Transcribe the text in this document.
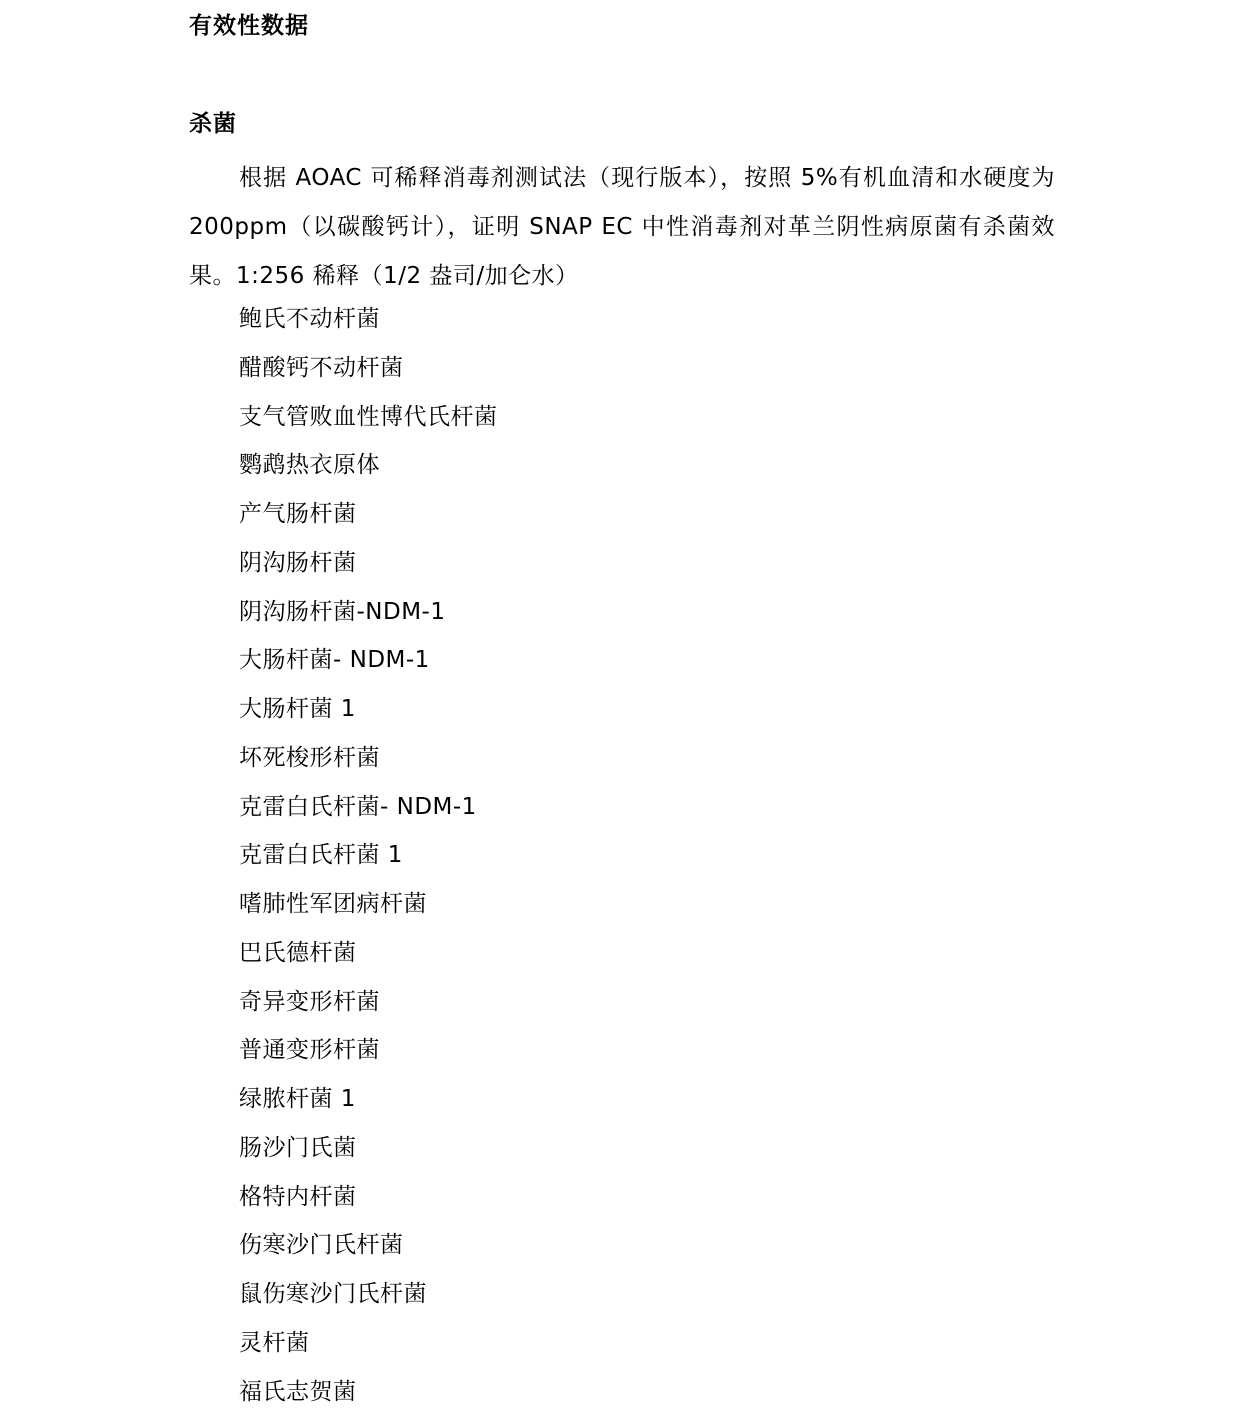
有效性数据
杀菌

根据 AOAC 可稀释消毒剂测试法（现行版本），按照 5%有机血清和水硬度为 200ppm（以碳酸钙计），证明 SNAP EC 中性消毒剂对革兰阴性病原菌有杀菌效果。1:256 稀释（1/2 盎司/加仑水）

鲍氏不动杆菌
醋酸钙不动杆菌
支气管败血性博代氏杆菌
鹦鹉热衣原体
产气肠杆菌
阴沟肠杆菌
阴沟肠杆菌-NDM-1
大肠杆菌- NDM-1
大肠杆菌 1
坏死梭形杆菌
克雷白氏杆菌- NDM-1
克雷白氏杆菌 1
嗜肺性军团病杆菌
巴氏德杆菌
奇异变形杆菌
普通变形杆菌
绿脓杆菌 1
肠沙门氏菌
格特内杆菌
伤寒沙门氏杆菌
鼠伤寒沙门氏杆菌
灵杆菌
福氏志贺菌
